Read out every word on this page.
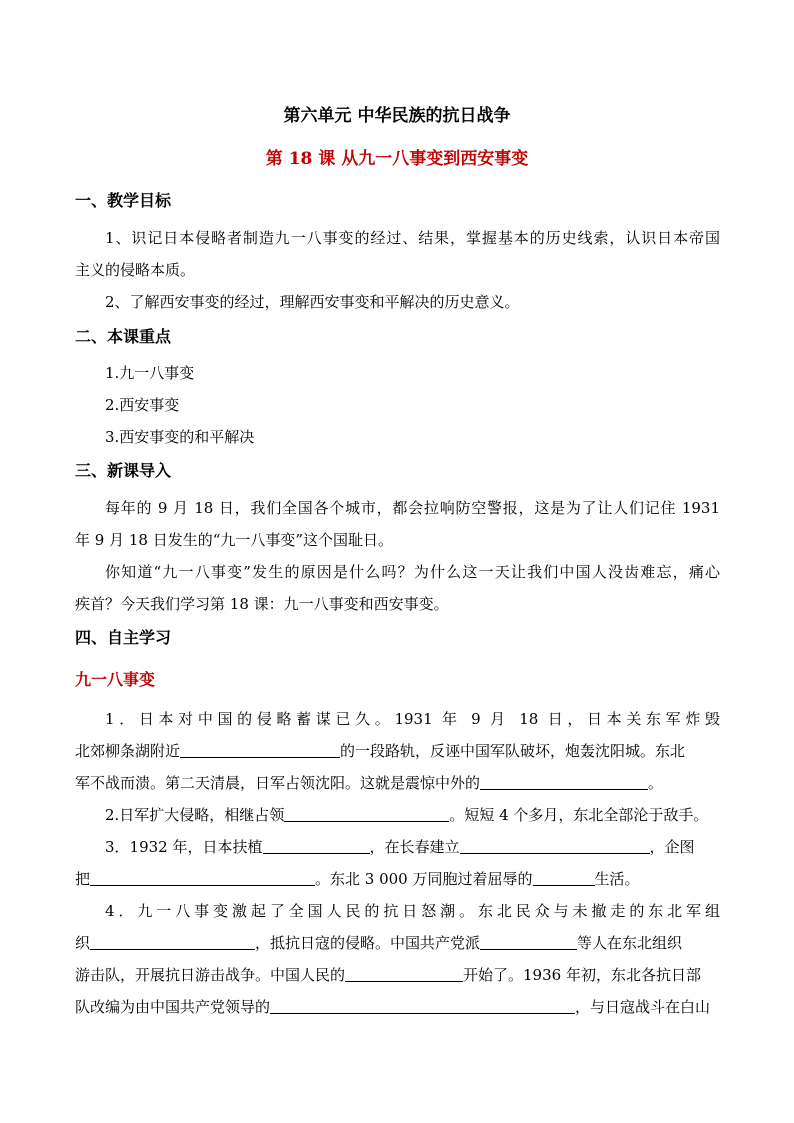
第六单元 中华民族的抗日战争
第 18 课 从九一八事变到西安事变
一、教学目标
1、识记日本侵略者制造九一八事变的经过、结果，掌握基本的历史线索，认识日本帝国
主义的侵略本质。
2、了解西安事变的经过，理解西安事变和平解决的历史意义。
二、本课重点
1.九一八事变
2.西安事变
3.西安事变的和平解决
三、新课导入
每年的 9 月 18 日，我们全国各个城市，都会拉响防空警报，这是为了让人们记住 1931
年 9 月 18 日发生的“九一八事变”这个国耻日。
你知道“九一八事变”发生的原因是什么吗？为什么这一天让我们中国人没齿难忘，痛心
疾首？今天我们学习第 18 课：九一八事变和西安事变。
四、自主学习
九一八事变
1．日本对中国的侵略蓄谋已久。1931 年 9 月 18 日，日本关东军炸毁
北郊柳条湖附近	的一段路轨，反诬中国军队破坏，炮轰沈阳城。东北
军不战而溃。第二天清晨，日军占领沈阳。这就是震惊中外的	。
2.日军扩大侵略，相继占领	。短短 4 个多月，东北全部沦于敌手。
3．1932 年，日本扶植	，在长春建立	，企图
把	。东北 3 000 万同胞过着屈辱的	生活。
4．九一八事变激起了全国人民的抗日怒潮。东北民众与未撤走的东北军组
织	，抵抗日寇的侵略。中国共产党派	等人在东北组织
游击队，开展抗日游击战争。中国人民的	开始了。1936 年初，东北各抗日部
队改编为由中国共产党领导的	，与日寇战斗在白山
